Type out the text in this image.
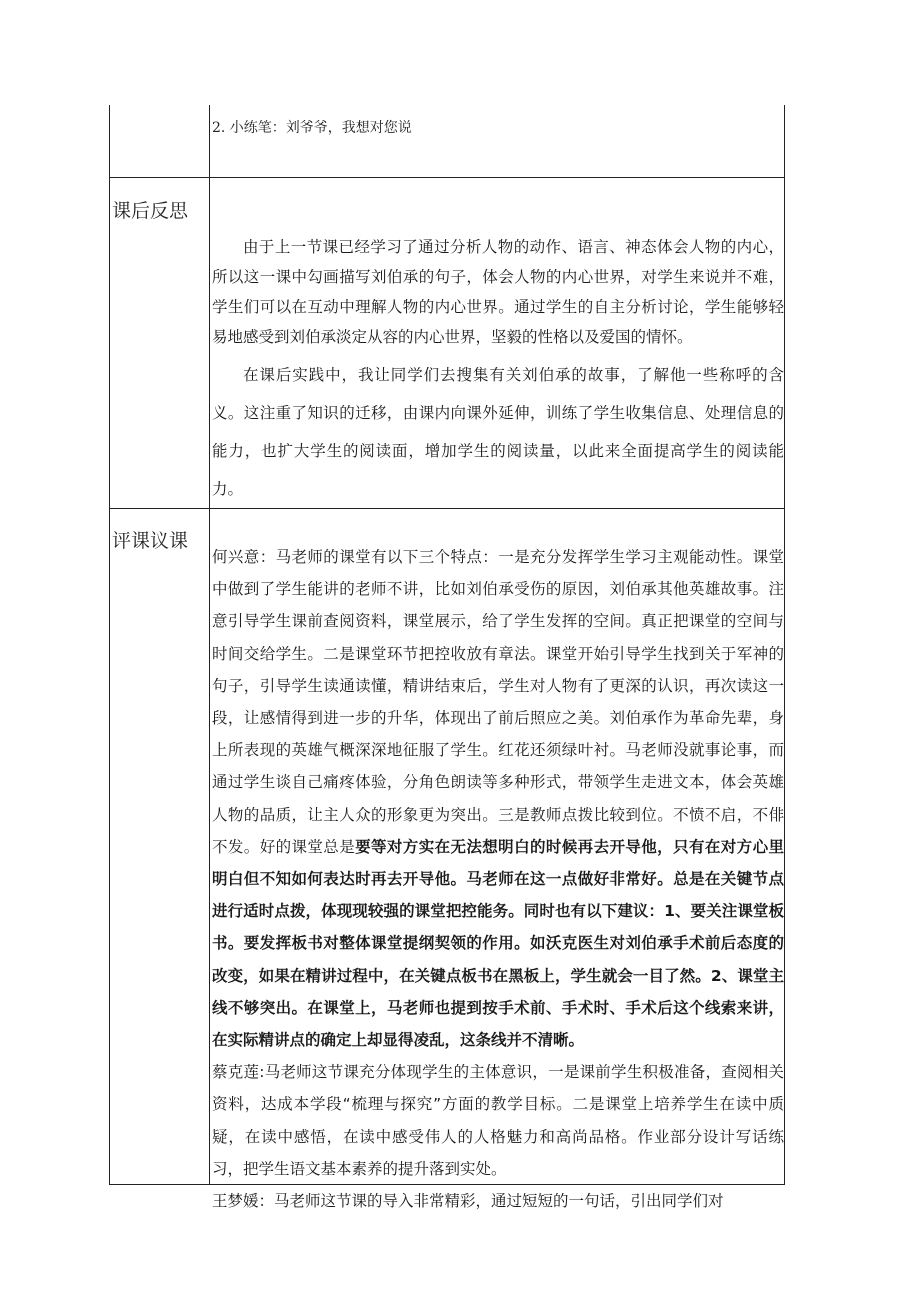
2. 小练笔：刘爷爷，我想对您说
课后反思

由于上一节课已经学习了通过分析人物的动作、语言、神态体会人物的内心，所以这一课中勾画描写刘伯承的句子，体会人物的内心世界，对学生来说并不难，学生们可以在互动中理解人物的内心世界。通过学生的自主分析讨论，学生能够轻易地感受到刘伯承淡定从容的内心世界，坚毅的性格以及爱国的情怀。

在课后实践中，我让同学们去搜集有关刘伯承的故事，了解他一些称呼的含义。这注重了知识的迁移，由课内向课外延伸，训练了学生收集信息、处理信息的能力，也扩大学生的阅读面，增加学生的阅读量，以此来全面提高学生的阅读能力。

评课议课

何兴意：马老师的课堂有以下三个特点：一是充分发挥学生学习主观能动性。课堂中做到了学生能讲的老师不讲，比如刘伯承受伤的原因，刘伯承其他英雄故事。注意引导学生课前查阅资料，课堂展示，给了学生发挥的空间。真正把课堂的空间与时间交给学生。二是课堂环节把控收放有章法。课堂开始引导学生找到关于军神的句子，引导学生读通读懂，精讲结束后，学生对人物有了更深的认识，再次读这一段，让感情得到进一步的升华，体现出了前后照应之美。刘伯承作为革命先辈，身上所表现的英雄气概深深地征服了学生。红花还须绿叶衬。马老师没就事论事，而通过学生谈自己痛疼体验，分角色朗读等多种形式，带领学生走进文本，体会英雄人物的品质，让主人众的形象更为突出。三是教师点拨比较到位。不愤不启，不俳不发。好的课堂总是要等对方实在无法想明白的时候再去开导他，只有在对方心里明白但不知如何表达时再去开导他。马老师在这一点做好非常好。总是在关键节点进行适时点拨，体现现较强的课堂把控能务。同时也有以下建议：1、要关注课堂板书。要发挥板书对整体课堂提纲契领的作用。如沃克医生对刘伯承手术前后态度的改变，如果在精讲过程中，在关键点板书在黑板上，学生就会一目了然。2、课堂主线不够突出。在课堂上，马老师也提到按手术前、手术时、手术后这个线索来讲，在实际精讲点的确定上却显得凌乱，这条线并不清晰。

蔡克莲:马老师这节课充分体现学生的主体意识，一是课前学生积极准备，查阅相关资料，达成本学段“梳理与探究”方面的教学目标。二是课堂上培养学生在读中质疑，在读中感悟，在读中感受伟人的人格魅力和高尚品格。作业部分设计写话练习，把学生语文基本素养的提升落到实处。

王梦媛：马老师这节课的导入非常精彩，通过短短的一句话，引出同学们对
